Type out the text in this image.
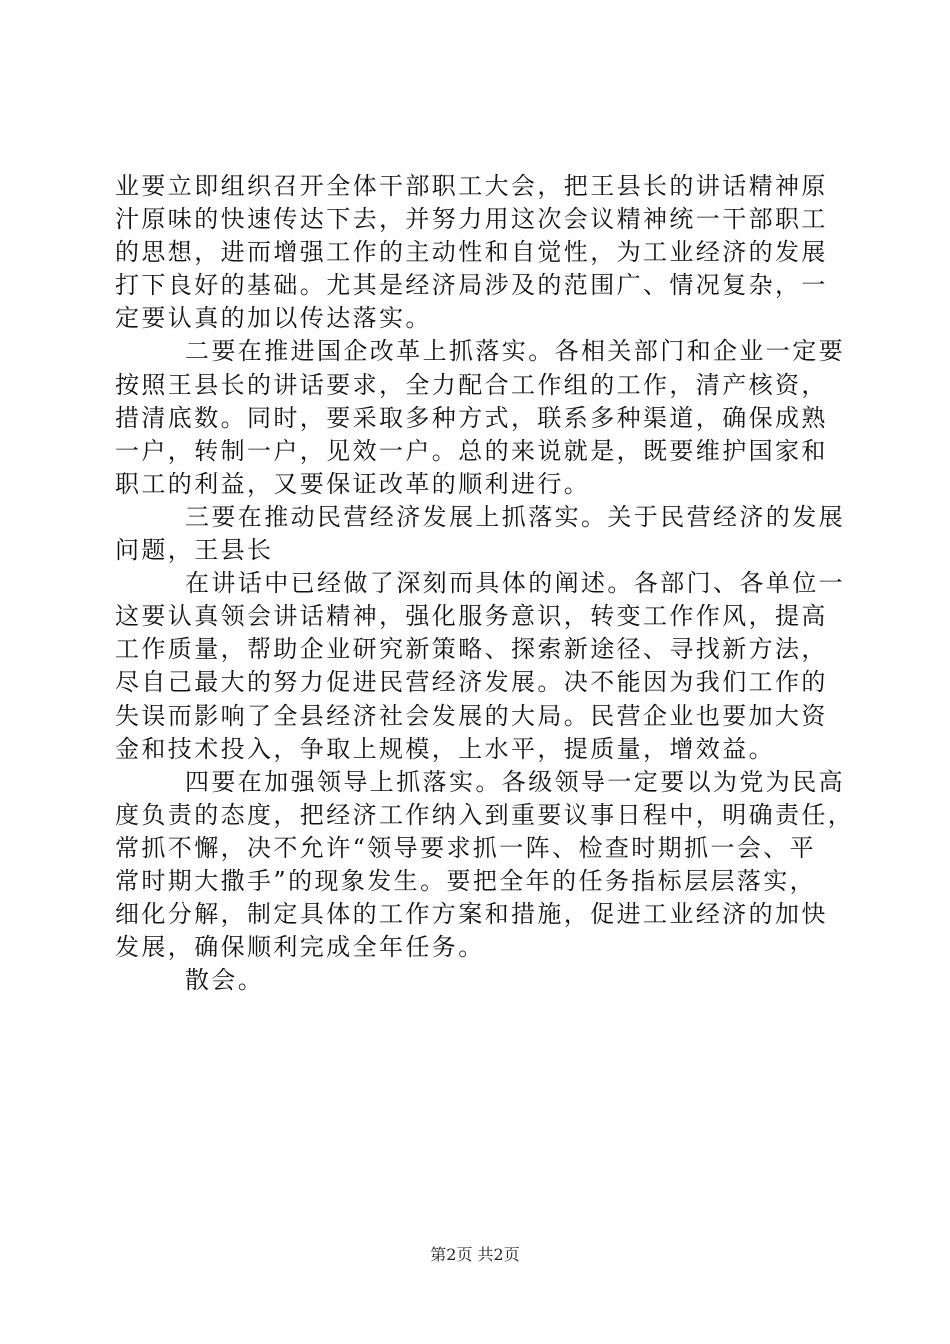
业要立即组织召开全体干部职工大会，把王县长的讲话精神原
汁原味的快速传达下去，并努力用这次会议精神统一干部职工
的思想，进而增强工作的主动性和自觉性，为工业经济的发展
打下良好的基础。尤其是经济局涉及的范围广、情况复杂，一
定要认真的加以传达落实。
二要在推进国企改革上抓落实。各相关部门和企业一定要
按照王县长的讲话要求，全力配合工作组的工作，清产核资，
措清底数。同时，要采取多种方式，联系多种渠道，确保成熟
一户，转制一户，见效一户。总的来说就是，既要维护国家和
职工的利益，又要保证改革的顺利进行。
三要在推动民营经济发展上抓落实。关于民营经济的发展
问题，王县长
在讲话中已经做了深刻而具体的阐述。各部门、各单位一
这要认真领会讲话精神，强化服务意识，转变工作作风，提高
工作质量，帮助企业研究新策略、探索新途径、寻找新方法，
尽自己最大的努力促进民营经济发展。决不能因为我们工作的
失误而影响了全县经济社会发展的大局。民营企业也要加大资
金和技术投入，争取上规模，上水平，提质量，增效益。
四要在加强领导上抓落实。各级领导一定要以为党为民高
度负责的态度，把经济工作纳入到重要议事日程中，明确责任，
常抓不懈，决不允许“领导要求抓一阵、检查时期抓一会、平
常时期大撒手”的现象发生。要把全年的任务指标层层落实，
细化分解，制定具体的工作方案和措施，促进工业经济的加快
发展，确保顺利完成全年任务。
散会。
第2页 共2页
